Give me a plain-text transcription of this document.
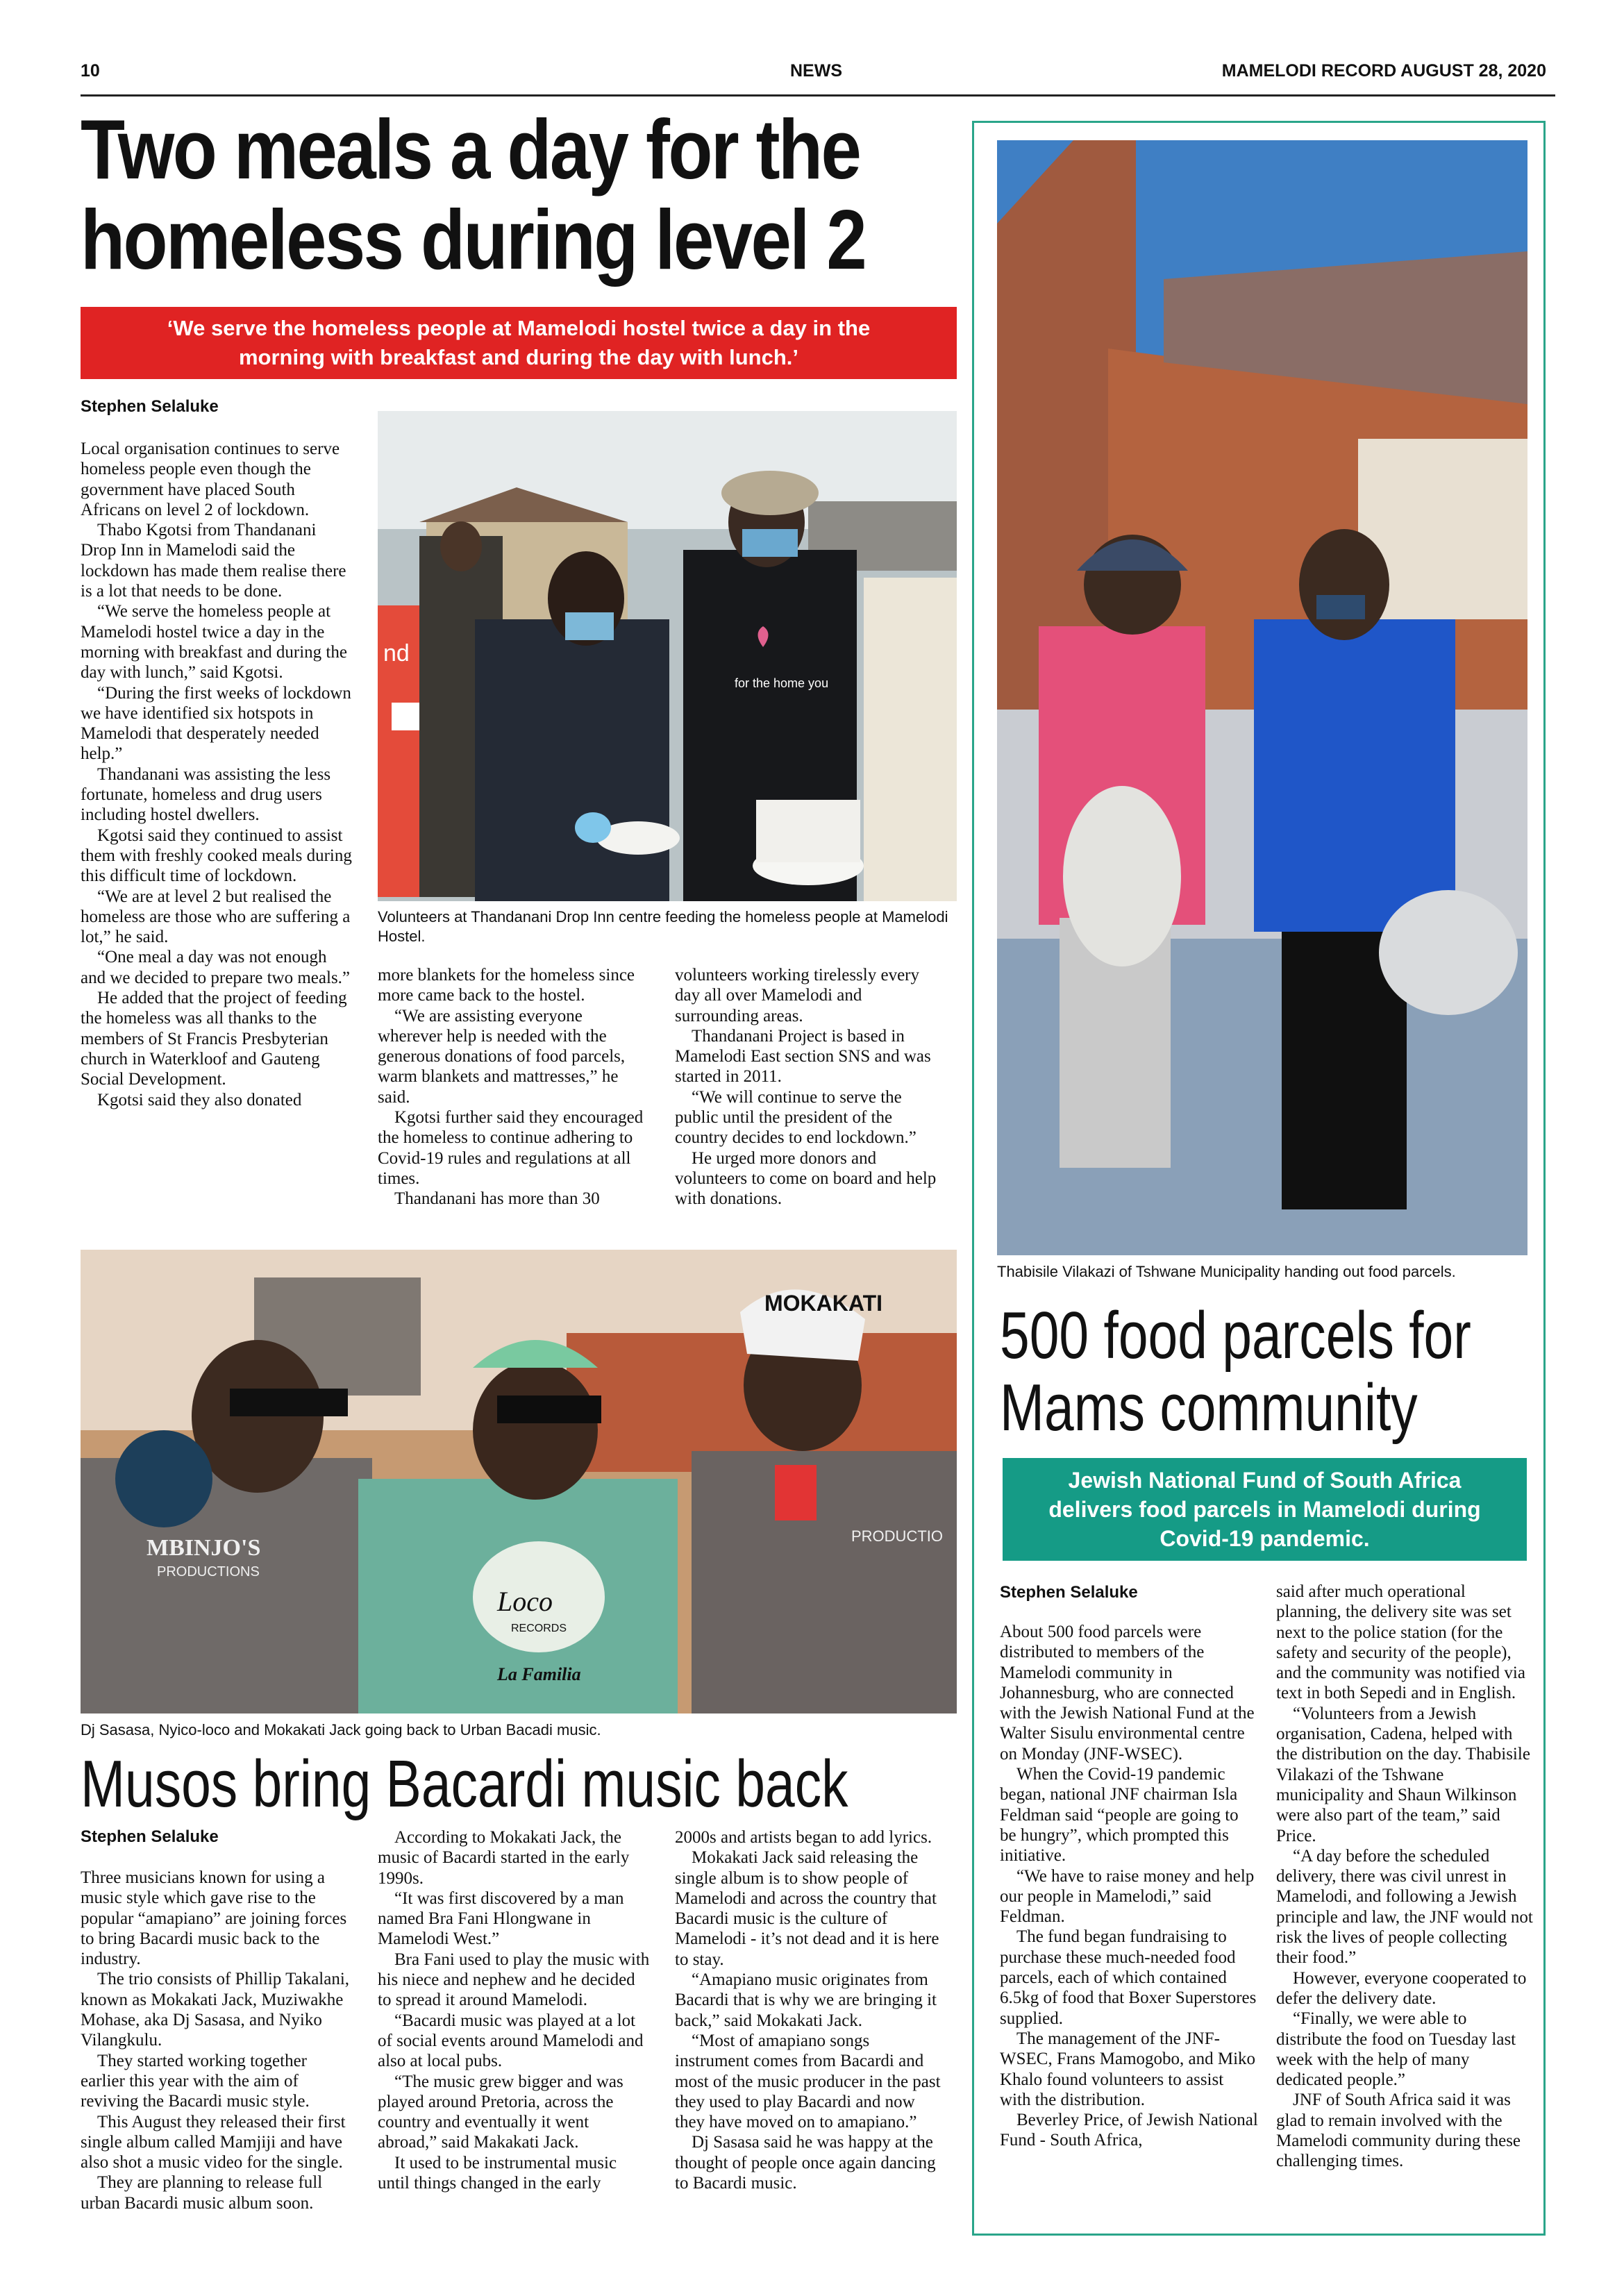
10	NEWS	MAMELODI RECORD AUGUST 28, 2020
Two meals a day for the
homeless during level 2
‘We serve the homeless people at Mamelodi hostel twice a day in the
morning with breakfast and during the day with lunch.’
Stephen Selaluke

Local organisation continues to serve homeless people even though the government have placed South Africans on level 2 of lockdown.

Thabo Kgotsi from Thandanani Drop Inn in Mamelodi said the lockdown has made them realise there is a lot that needs to be done.

“We serve the homeless people at Mamelodi hostel twice a day in the morning with breakfast and during the day with lunch,” said Kgotsi.

“During the first weeks of lockdown we have identified six hotspots in Mamelodi that desperately needed help.”

Thandanani was assisting the less fortunate, homeless and drug users including hostel dwellers.

Kgotsi said they continued to assist them with freshly cooked meals during this difficult time of lockdown.

“We are at level 2 but realised the homeless are those who are suffering a lot,” he said.

“One meal a day was not enough and we decided to prepare two meals.”

He added that the project of feeding the homeless was all thanks to the members of St Francis Presbyterian church in Waterkloof and Gauteng Social Development.

Kgotsi said they also donated

nd
for the home you
Volunteers at Thandanani Drop Inn centre feeding the homeless people at Mamelodi Hostel.

more blankets for the homeless since more came back to the hostel.

“We are assisting everyone wherever help is needed with the generous donations of food parcels, warm blankets and mattresses,” he said.

Kgotsi further said they encouraged the homeless to continue adhering to Covid-19 rules and regulations at all times.

Thandanani has more than 30

volunteers working tirelessly every day all over Mamelodi and surrounding areas.

Thandanani Project is based in Mamelodi East section SNS and was started in 2011.

“We will continue to serve the public until the president of the country decides to end lockdown.”

He urged more donors and volunteers to come on board and help with donations.

MOKAKATI
MBINJO'S
PRODUCTIONS
Loco
RECORDS
La Familia
PRODUCTIO
Dj Sasasa, Nyico-loco and Mokakati Jack going back to Urban Bacadi music.
Musos bring Bacardi music back
Stephen Selaluke

Three musicians known for using a music style which gave rise to the popular “amapiano” are joining forces to bring Bacardi music back to the industry.

The trio consists of Phillip Takalani, known as Mokakati Jack, Muziwakhe Mohase, aka Dj Sasasa, and Nyiko Vilangkulu.

They started working together earlier this year with the aim of reviving the Bacardi music style.

This August they released their first single album called Mamjiji and have also shot a music video for the single.

They are planning to release full urban Bacardi music album soon.

According to Mokakati Jack, the music of Bacardi started in the early 1990s.

“It was first discovered by a man named Bra Fani Hlongwane in Mamelodi West.”

Bra Fani used to play the music with his niece and nephew and he decided to spread it around Mamelodi.

“Bacardi music was played at a lot of social events around Mamelodi and also at local pubs.

“The music grew bigger and was played around Pretoria, across the country and eventually it went abroad,” said Makakati Jack.

It used to be instrumental music until things changed in the early

2000s and artists began to add lyrics.

Mokakati Jack said releasing the single album is to show people of Mamelodi and across the country that Bacardi music is the culture of Mamelodi - it’s not dead and it is here to stay.

“Amapiano music originates from Bacardi that is why we are bringing it back,” said Mokakati Jack.

“Most of amapiano songs instrument comes from Bacardi and most of the music producer in the past they used to play Bacardi and now they have moved on to amapiano.”

Dj Sasasa said he was happy at the thought of people once again dancing to Bacardi music.

Thabisile Vilakazi of Tshwane Municipality handing out food parcels.
500 food parcels for
Mams community
Jewish National Fund of South Africa
delivers food parcels in Mamelodi during
Covid-19 pandemic.
Stephen Selaluke

About 500 food parcels were distributed to members of the Mamelodi community in Johannesburg, who are connected with the Jewish National Fund at the Walter Sisulu environmental centre on Monday (JNF-WSEC).

When the Covid-19 pandemic began, national JNF chairman Isla Feldman said “people are going to be hungry”, which prompted this initiative.

“We have to raise money and help our people in Mamelodi,” said Feldman.

The fund began fundraising to purchase these much-needed food parcels, each of which contained 6.5kg of food that Boxer Superstores supplied.

The management of the JNF-WSEC, Frans Mamogobo, and Miko Khalo found volunteers to assist with the distribution.

Beverley Price, of Jewish National Fund - South Africa,

said after much operational planning, the delivery site was set next to the police station (for the safety and security of the people), and the community was notified via text in both Sepedi and in English.

“Volunteers from a Jewish organisation, Cadena, helped with the distribution on the day. Thabisile Vilakazi of the Tshwane municipality and Shaun Wilkinson were also part of the team,” said Price.

“A day before the scheduled delivery, there was civil unrest in Mamelodi, and following a Jewish principle and law, the JNF would not risk the lives of people collecting their food.”

However, everyone cooperated to defer the delivery date.

“Finally, we were able to distribute the food on Tuesday last week with the help of many dedicated people.”

JNF of South Africa said it was glad to remain involved with the Mamelodi community during these challenging times.
